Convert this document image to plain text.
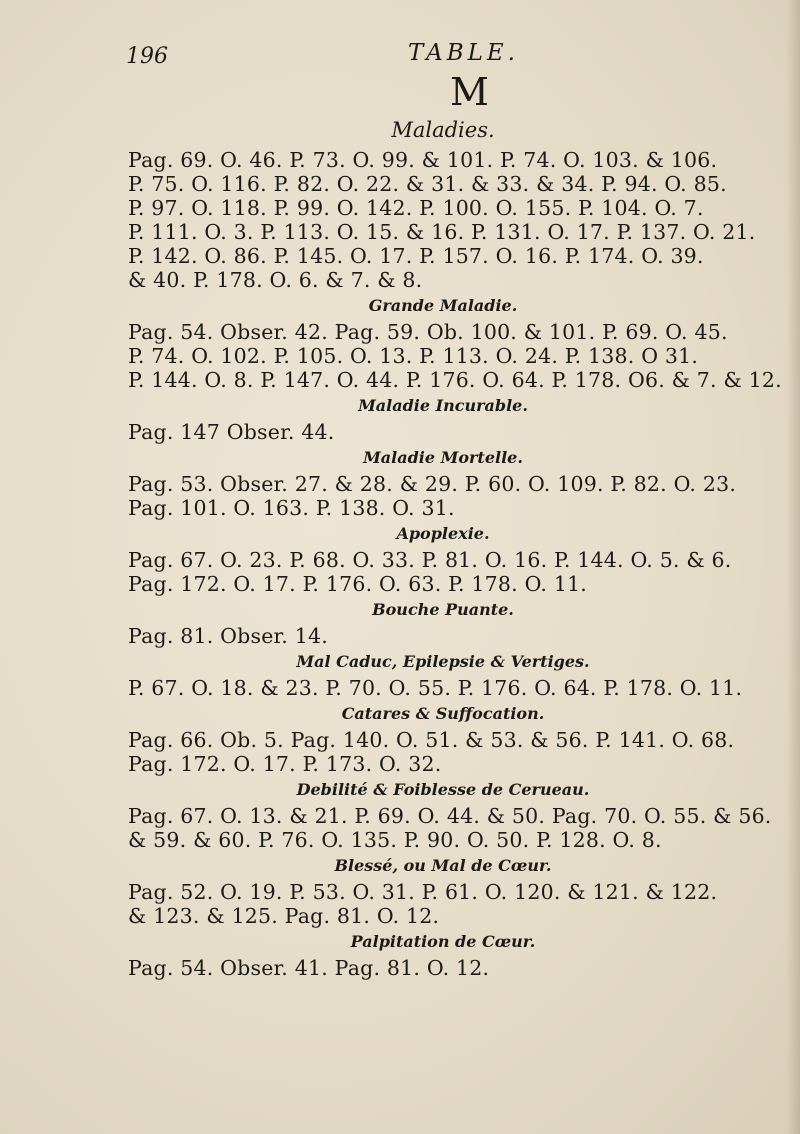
196	TABLE.
M
Maladies.
Pag. 69. O. 46. P. 73. O. 99. & 101. P. 74. O. 103. & 106.
P. 75. O. 116. P. 82. O. 22. & 31. & 33. & 34. P. 94. O. 85.
P. 97. O. 118. P. 99. O. 142. P. 100. O. 155. P. 104. O. 7.
P. 111. O. 3. P. 113. O. 15. & 16. P. 131. O. 17. P. 137. O. 21.
P. 142. O. 86. P. 145. O. 17. P. 157. O. 16. P. 174. O. 39.
& 40. P. 178. O. 6. & 7. & 8.
Grande Maladie.
Pag. 54. Obser. 42. Pag. 59. Ob. 100. & 101. P. 69. O. 45.
P. 74. O. 102. P. 105. O. 13. P. 113. O. 24. P. 138. O 31.
P. 144. O. 8. P. 147. O. 44. P. 176. O. 64. P. 178. O6. & 7. & 12.
Maladie Incurable.
Pag. 147 Obser. 44.
Maladie Mortelle.
Pag. 53. Obser. 27. & 28. & 29. P. 60. O. 109. P. 82. O. 23.
Pag. 101. O. 163. P. 138. O. 31.
Apoplexie.
Pag. 67. O. 23. P. 68. O. 33. P. 81. O. 16. P. 144. O. 5. & 6.
Pag. 172. O. 17. P. 176. O. 63. P. 178. O. 11.
Bouche Puante.
Pag. 81. Obser. 14.
Mal Caduc, Epilepsie & Vertiges.
P. 67. O. 18. & 23. P. 70. O. 55. P. 176. O. 64. P. 178. O. 11.
Catares & Suffocation.
Pag. 66. Ob. 5. Pag. 140. O. 51. & 53. & 56. P. 141. O. 68.
Pag. 172. O. 17. P. 173. O. 32.
Debilité & Foiblesse de Cerueau.
Pag. 67. O. 13. & 21. P. 69. O. 44. & 50. Pag. 70. O. 55. & 56.
& 59. & 60. P. 76. O. 135. P. 90. O. 50. P. 128. O. 8.
Blessé, ou Mal de Cœur.
Pag. 52. O. 19. P. 53. O. 31. P. 61. O. 120. & 121. & 122.
& 123. & 125. Pag. 81. O. 12.
Palpitation de Cœur.
Pag. 54. Obser. 41. Pag. 81. O. 12.
